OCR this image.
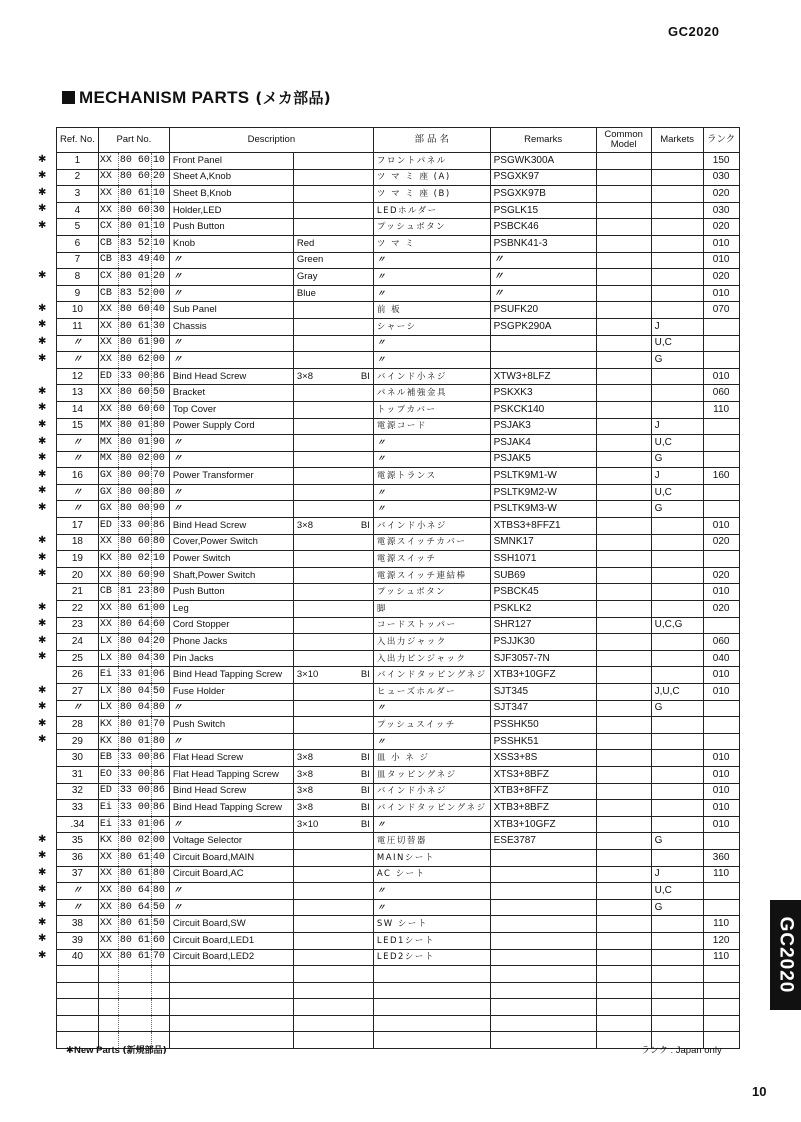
GC2020
MECHANISM PARTS (メカ部品)
Ref. No.	Part No.			Description			部 品 名	Remarks	Common Model	Markets	ランク
1	XX	80 60	10	Front Panel			フロントパネル	PSGWK300A			150
2	XX	80 60	20	Sheet A,Knob			ツ マ ミ 座 (A)	PSGXK97			030
3	XX	80 61	10	Sheet B,Knob			ツ マ ミ 座 (B)	PSGXK97B			020
4	XX	80 60	30	Holder,LED			LEDホルダー	PSGLK15			030
5	CX	80 01	10	Push Button			プッシュボタン	PSBCK46			020
6	CB	83 52	10	Knob	Red		ツ マ ミ	PSBNK41-3			010
7	CB	83 49	40	〃	Green		〃	〃			010
8	CX	80 01	20	〃	Gray		〃	〃			020
9	CB	83 52	00	〃	Blue		〃	〃			010
10	XX	80 60	40	Sub Panel			前 板	PSUFK20			070
11	XX	80 61	30	Chassis			シャーシ	PSGPK290A		J	
〃	XX	80 61	90	〃			〃			U,C	
〃	XX	80 62	00	〃			〃			G	
12	ED	33 00	86	Bind Head Screw	3×8	BI	バインド小ネジ	XTW3+8LFZ			010
13	XX	80 60	50	Bracket			パネル補強金具	PSKXK3			060
14	XX	80 60	60	Top Cover			トップカバー	PSKCK140			110
15	MX	80 01	80	Power Supply Cord			電源コード	PSJAK3		J	
〃	MX	80 01	90	〃			〃	PSJAK4		U,C	
〃	MX	80 02	00	〃			〃	PSJAK5		G	
16	GX	80 00	70	Power Transformer			電源トランス	PSLTK9M1-W		J	160
〃	GX	80 00	80	〃			〃	PSLTK9M2-W		U,C	
〃	GX	80 00	90	〃			〃	PSLTK9M3-W		G	
17	ED	33 00	86	Bind Head Screw	3×8	BI	バインド小ネジ	XTBS3+8FFZ1			010
18	XX	80 60	80	Cover,Power Switch			電源スイッチカバー	SMNK17			020
19	KX	80 02	10	Power Switch			電源スイッチ	SSH1071			
20	XX	80 60	90	Shaft,Power Switch			電源スイッチ連結棒	SUB69			020
21	CB	81 23	80	Push Button			プッシュボタン	PSBCK45			010
22	XX	80 61	00	Leg			脚	PSKLK2			020
23	XX	80 64	60	Cord Stopper			コードストッパー	SHR127		U,C,G	
24	LX	80 04	20	Phone Jacks			入出力ジャック	PSJJK30			060
25	LX	80 04	30	Pin Jacks			入出力ピンジャック	SJF3057-7N			040
26	Ei	33 01	06	Bind Head Tapping Screw	3×10	BI	バインドタッピングネジ	XTB3+10GFZ			010
27	LX	80 04	50	Fuse Holder			ヒューズホルダー	SJT345		J,U,C	010
〃	LX	80 04	80	〃			〃	SJT347		G	
28	KX	80 01	70	Push Switch			プッシュスイッチ	PSSHK50			
29	KX	80 01	80	〃			〃	PSSHK51			
30	EB	33 00	86	Flat Head Screw	3×8	BI	皿 小 ネ ジ	XSS3+8S			010
31	EO	33 00	86	Flat Head Tapping Screw	3×8	BI	皿タッピングネジ	XTS3+8BFZ			010
32	ED	33 00	86	Bind Head Screw	3×8	BI	バインド小ネジ	XTB3+8FFZ			010
33	Ei	33 00	86	Bind Head Tapping Screw	3×8	BI	バインドタッピングネジ	XTB3+8BFZ			010
.34	Ei	33 01	06	〃	3×10	BI	〃	XTB3+10GFZ			010
35	KX	80 02	00	Voltage Selector			電圧切替器	ESE3787		G	
36	XX	80 61	40	Circuit Board,MAIN			MAINシート				360
37	XX	80 61	80	Circuit Board,AC			AC シート			J	110
〃	XX	80 64	80	〃			〃			U,C	
〃	XX	80 64	50	〃			〃			G	
38	XX	80 61	50	Circuit Board,SW			SW シート				110
39	XX	80 61	60	Circuit Board,LED1			LED1シート				120
40	XX	80 61	70	Circuit Board,LED2			LED2シート				110

✱
✱
✱
✱
✱
✱
✱
✱
✱
✱
✱
✱
✱
✱
✱
✱
✱
✱
✱
✱
✱
✱
✱
✱
✱
✱
✱
✱
✱
✱
✱
✱
✱
✱
✱
✱
✱
✱New Parts (新規部品)	ランク : Japan only
GC2020
10
